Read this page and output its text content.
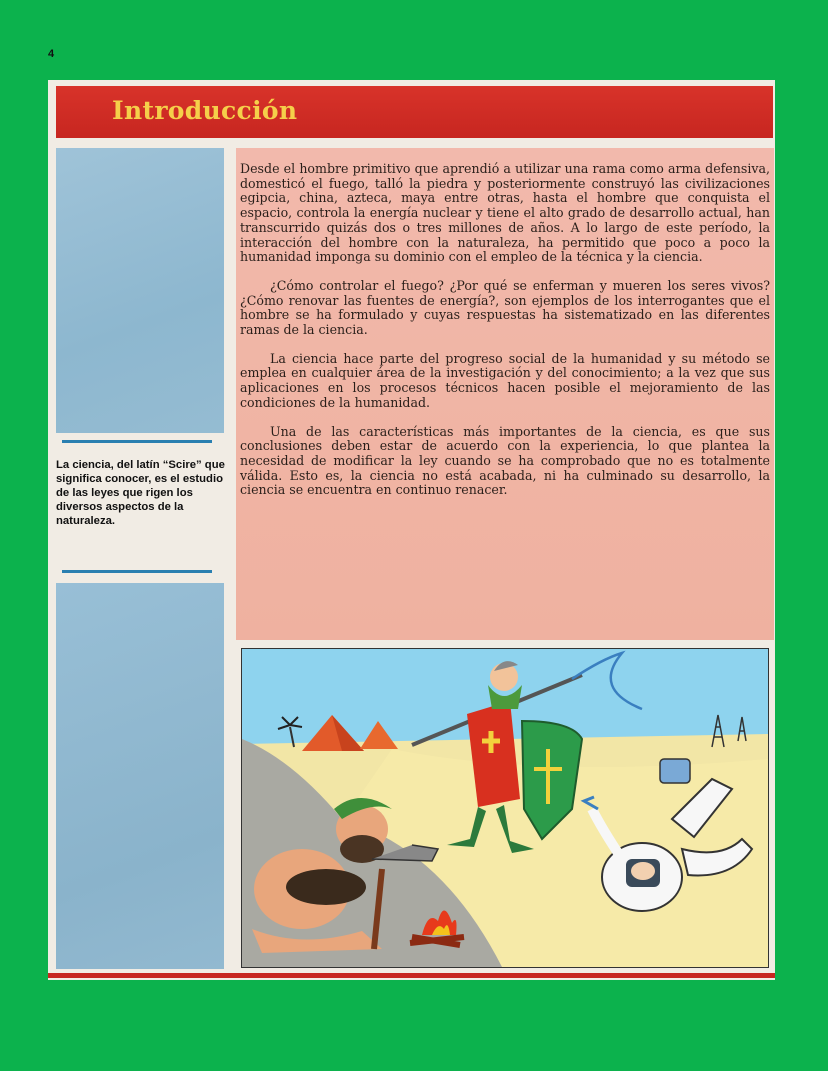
4
Introducción
La ciencia, del latín “Scire” que significa conocer, es el estudio de las leyes que rigen los diversos aspectos de la naturaleza.

Desde el hombre primitivo que aprendió a utilizar una rama como arma defensiva, domesticó el fuego, talló la piedra y posteriormente construyó las civilizaciones egipcia, china, azteca, maya entre otras, hasta el hombre que conquista el espacio, controla la energía nuclear y tiene el alto grado de desarrollo actual, han transcurrido quizás dos o tres millones de años. A lo largo de este período, la interacción del hombre con la naturaleza, ha permitido que poco a poco la humanidad imponga su dominio con el empleo de la técnica y la ciencia.

¿Cómo controlar el fuego? ¿Por qué se enferman y mueren los seres vivos? ¿Cómo renovar las fuentes de energía?, son ejemplos de los interrogantes que el hombre se ha formulado y cuyas respuestas ha sistematizado en las diferentes ramas de la ciencia.

La ciencia hace parte del progreso social de la humanidad y su método se emplea en cualquier área de la investigación y del conocimiento; a la vez que sus aplicaciones en los procesos técnicos hacen posible el mejoramiento de las condiciones de la humanidad.

Una de las características más importantes de la ciencia, es que sus conclusiones deben estar de acuerdo con la experiencia, lo que plantea la necesidad de modificar la ley cuando se ha comprobado que no es totalmente válida. Esto es, la ciencia no está acabada, ni ha culminado su desarrollo, la ciencia se encuentra en continuo renacer.
